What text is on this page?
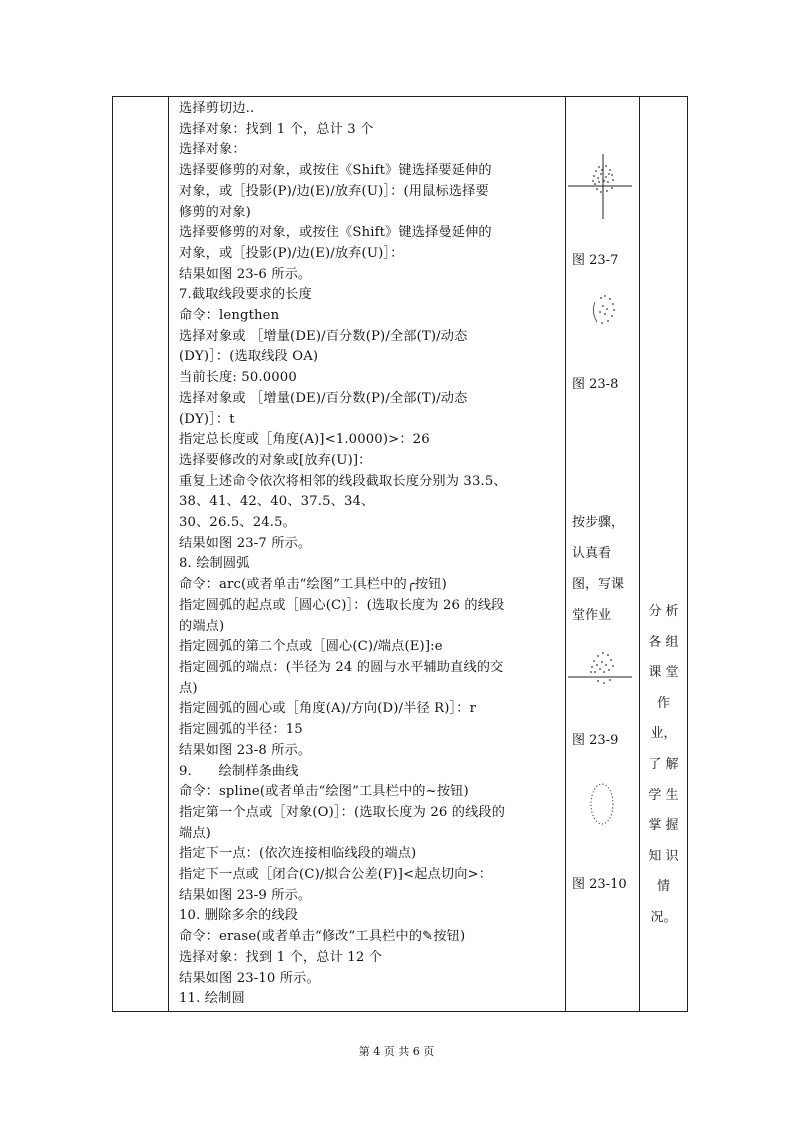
选择剪切边..
选择对象：找到 1 个，总计 3 个
选择对象：
选择要修剪的对象，或按住《Shift》键选择要延伸的
对象，或［投影(P)/边(E)/放弃(U)］：(用鼠标选择要
修剪的对象)
选择要修剪的对象，或按住《Shift》键选择曼延伸的
对象，或［投影(P)/边(E)/放弃(U)］：
结果如图 23-6 所示。
7.截取线段要求的长度
命令：lengthen
选择对象或 ［增量(DE)/百分数(P)/全部(T)/动态
(DY)］：(选取线段 OA)
当前长度: 50.0000
选择对象或 ［增量(DE)/百分数(P)/全部(T)/动态
(DY)］：t
指定总长度或［角度(A)]<1.0000)>：26
选择要修改的对象或[放弃(U)]：
重复上述命令依次将相邻的线段截取长度分别为 33.5、
38、41、42、40、37.5、34、
30、26.5、24.5。
结果如图 23-7 所示。
8. 绘制圆弧
命令：arc(或者单击“绘图”工具栏中的╭按钮)
指定圆弧的起点或［圆心(C)］：(选取长度为 26 的线段
的端点)
指定圆弧的第二个点或［圆心(C)/端点(E)]:e
指定圆弧的端点：(半径为 24 的圆与水平辅助直线的交
点)
指定圆弧的圆心或［角度(A)/方向(D)/半径 R)］：r
指定圆弧的半径：15
结果如图 23-8 所示。
9.　　绘制样条曲线
命令：spline(或者单击“绘图”工具栏中的~按钮)
指定第一个点或［对象(O)］：(选取长度为 26 的线段的
端点)
指定下一点：(依次连接相临线段的端点)
指定下一点或［闭合(C)/拟合公差(F)]<起点切向>：
结果如图 23-9 所示。
10. 删除多余的线段
命令：erase(或者单击“修改”工具栏中的✎按钮)
选择对象：找到 1 个，总计 12 个
结果如图 23-10 所示。
11. 绘制圆
图 23-7
图 23-8
按步骤，
认真看
图，写课
堂作业
图 23-9
图 23-10
分 析
各 组
课 堂
作
业，
了 解
学 生
掌 握
知 识
情
况。
第 4 页 共 6 页
